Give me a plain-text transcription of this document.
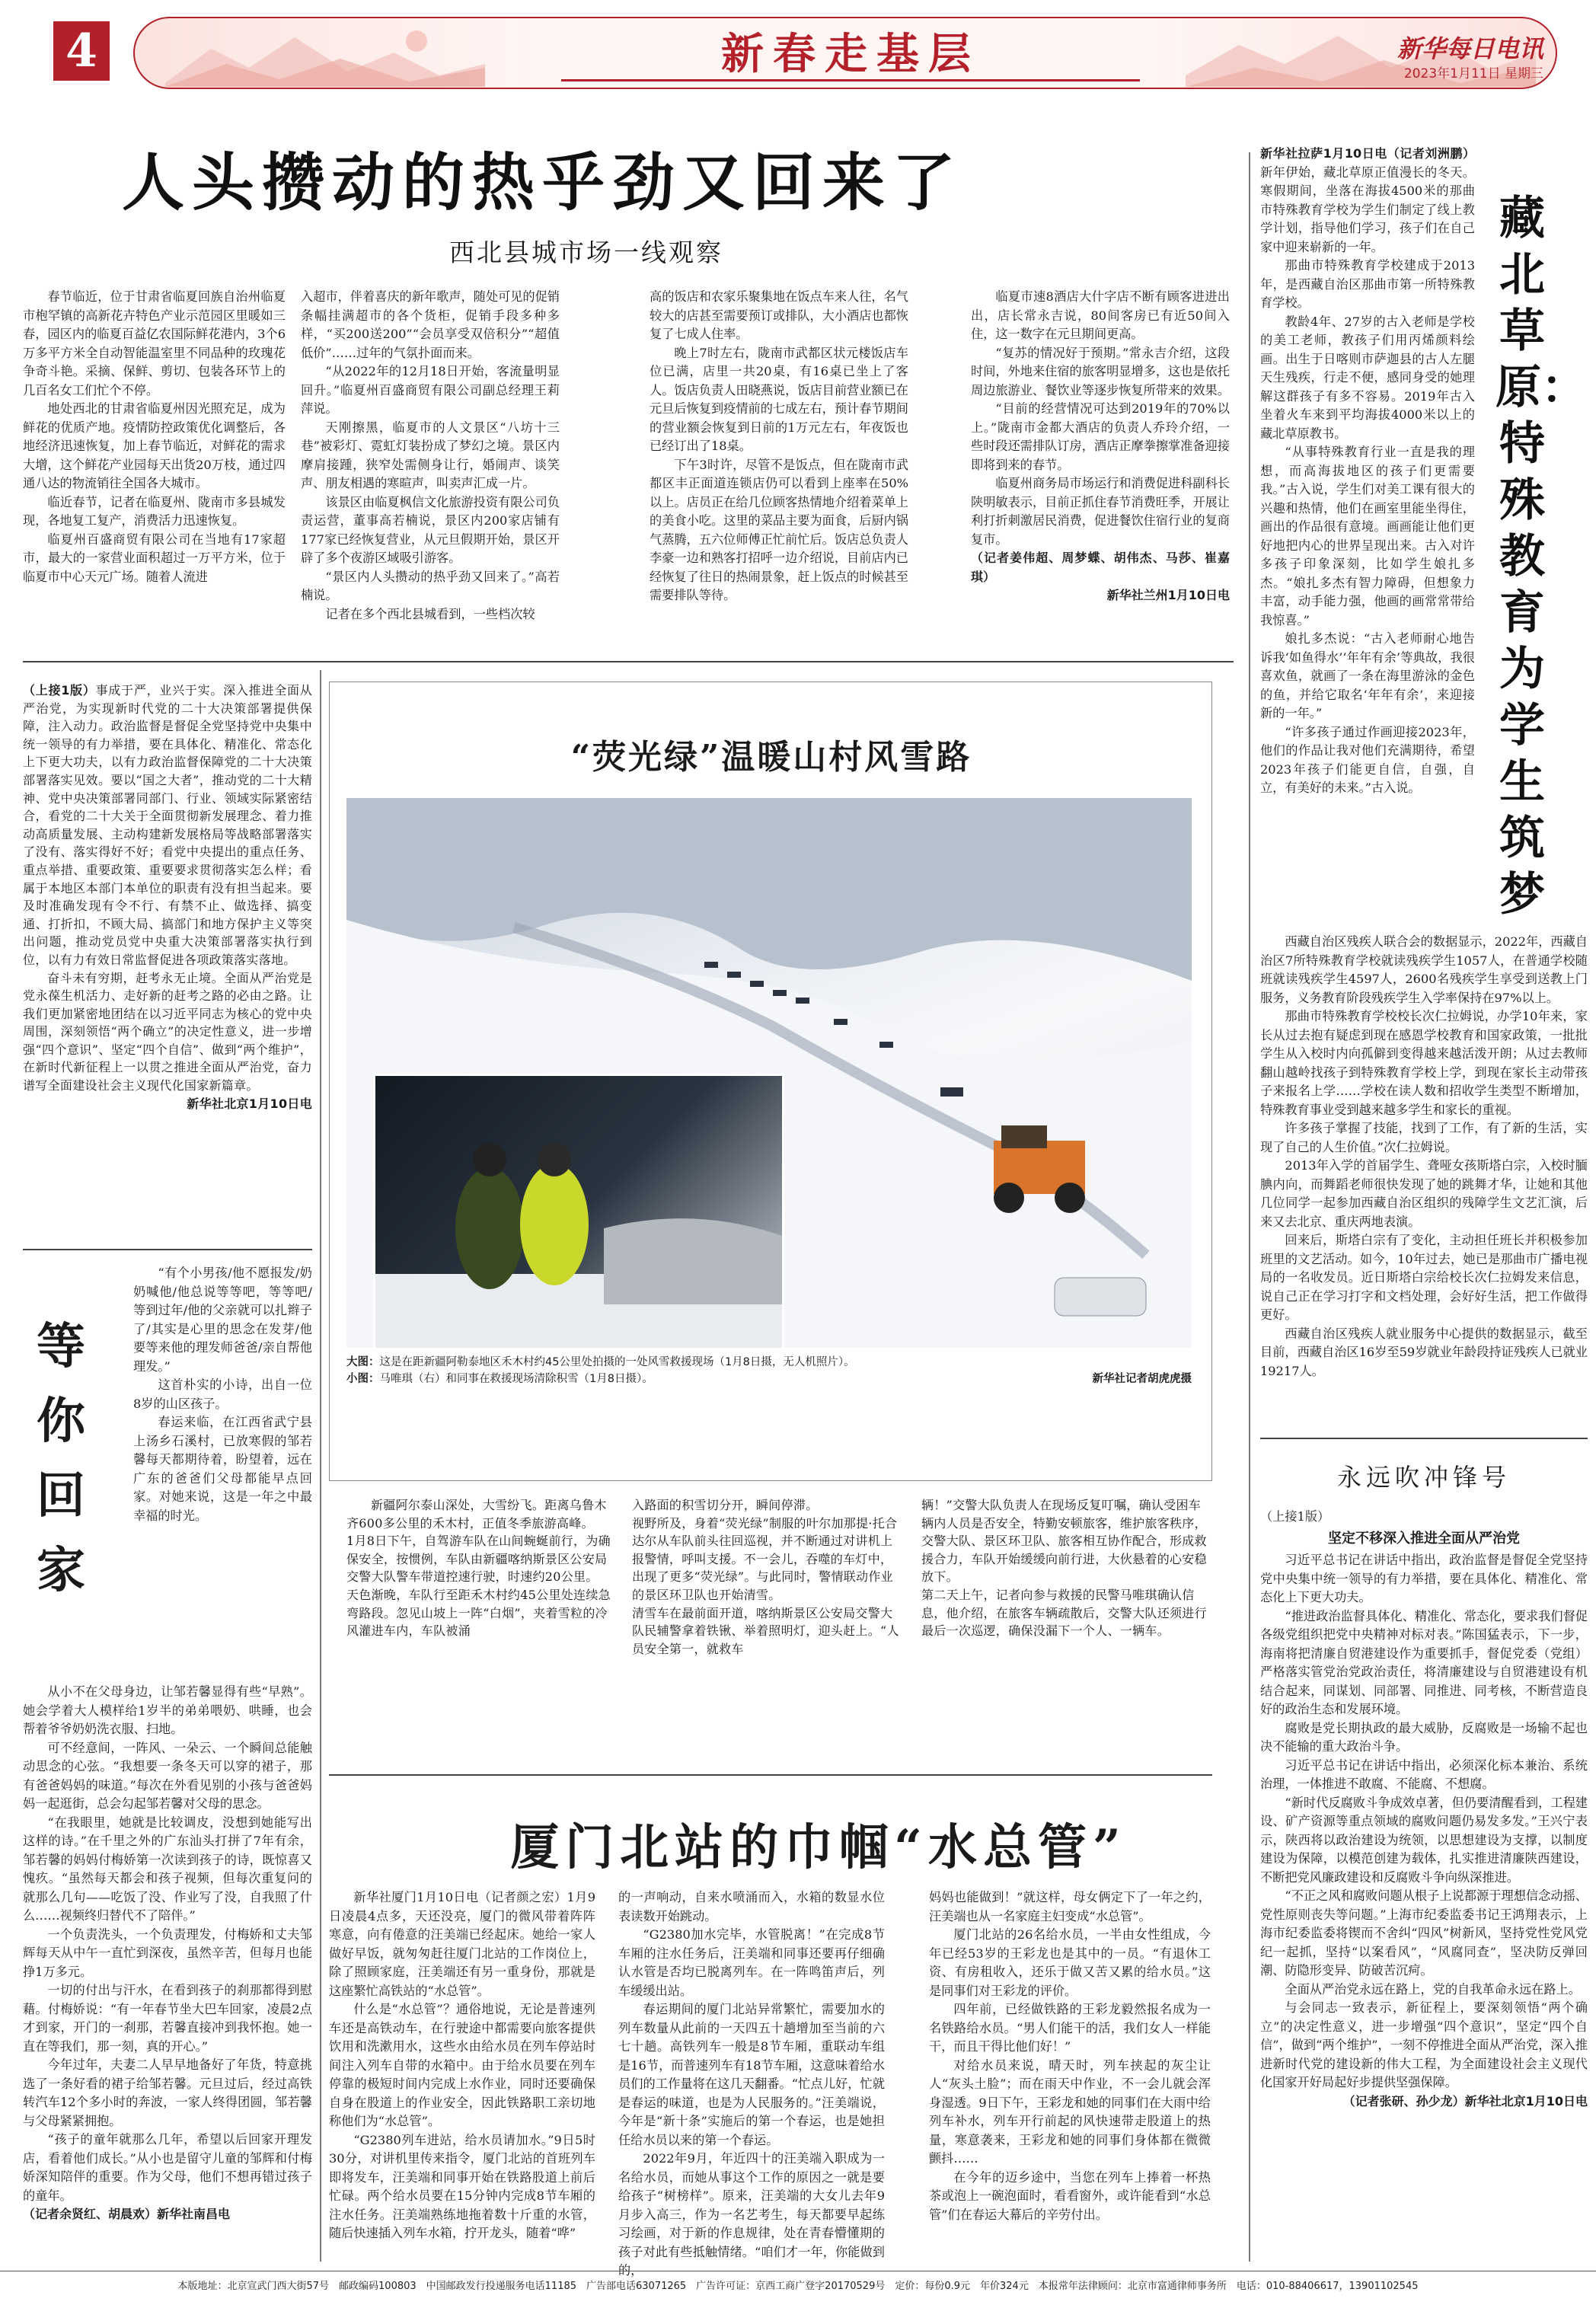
4	新春走基层	新华每日电讯
2023年1月11日 星期三
人头攒动的热乎劲又回来了
西北县城市场一线观察

春节临近，位于甘肃省临夏回族自治州临夏市枹罕镇的高新花卉特色产业示范园区里暖如三春，园区内的临夏百益亿农国际鲜花港内，3个6万多平方米全自动智能温室里不同品种的玫瑰花争奇斗艳。采摘、保鲜、剪切、包装各环节上的几百名女工们忙个不停。

地处西北的甘肃省临夏州因光照充足，成为鲜花的优质产地。疫情防控政策优化调整后，各地经济迅速恢复，加上春节临近，对鲜花的需求大增，这个鲜花产业园每天出货20万枝，通过四通八达的物流销往全国各大城市。

临近春节，记者在临夏州、陇南市多县城发现，各地复工复产，消费活力迅速恢复。

临夏州百盛商贸有限公司在当地有17家超市，最大的一家营业面积超过一万平方米，位于临夏市中心天元广场。随着人流进

入超市，伴着喜庆的新年歌声，随处可见的促销条幅挂满超市的各个货柜，促销手段多种多样，“买200送200”“会员享受双倍积分”“超值低价”……过年的气氛扑面而来。

“从2022年的12月18日开始，客流量明显回升。”临夏州百盛商贸有限公司副总经理王莉萍说。

天刚擦黑，临夏市的人文景区“八坊十三巷”被彩灯、霓虹灯装扮成了梦幻之境。景区内摩肩接踵，狭窄处需侧身让行，婚闹声、谈笑声、朋友相遇的寒暄声，叫卖声汇成一片。

该景区由临夏枫信文化旅游投资有限公司负责运营，董事高若楠说，景区内200家店铺有177家已经恢复营业，从元旦假期开始，景区开辟了多个夜游区域吸引游客。

“景区内人头攒动的热乎劲又回来了。”高若楠说。

记者在多个西北县城看到，一些档次较

高的饭店和农家乐聚集地在饭点车来人往，名气较大的店甚至需要预订或排队，大小酒店也都恢复了七成人住率。

晚上7时左右，陇南市武都区状元楼饭店车位已满，店里一共20桌，有16桌已坐上了客人。饭店负责人田晓燕说，饭店目前营业额已在元旦后恢复到疫情前的七成左右，预计春节期间的营业额会恢复到日前的1万元左右，年夜饭也已经订出了18桌。

下午3时许，尽管不是饭点，但在陇南市武都区丰正面道连锁店仍可以看到上座率在50%以上。店员正在给几位顾客热情地介绍着菜单上的美食小吃。这里的菜品主要为面食，后厨内锅气蒸腾，五六位师傅正忙前忙后。饭店总负责人李豪一边和熟客打招呼一边介绍说，目前店内已经恢复了往日的热闹景象，赶上饭点的时候甚至需要排队等待。

临夏市速8酒店大什字店不断有顾客进进出出，店长常永吉说，80间客房已有近50间入住，这一数字在元旦期间更高。

“复苏的情况好于预期。”常永吉介绍，这段时间，外地来住宿的旅客明显增多，这也是依托周边旅游业、餐饮业等逐步恢复所带来的效果。

“目前的经营情况可达到2019年的70%以上。”陇南市金都大酒店的负责人乔玲介绍，一些时段还需排队订房，酒店正摩拳擦掌准备迎接即将到来的春节。

临夏州商务局市场运行和消费促进科副科长陕明敏表示，目前正抓住春节消费旺季，开展让利打折刺激居民消费，促进餐饮住宿行业的复商复市。

（记者姜伟超、周梦蝶、胡伟杰、马莎、崔嘉琪）

新华社兰州1月10日电

新华社拉萨1月10日电（记者刘洲鹏）新年伊始，藏北草原正值漫长的冬天。寒假期间，坐落在海拔4500米的那曲市特殊教育学校为学生们制定了线上教学计划，指导他们学习，孩子们在自己家中迎来崭新的一年。

那曲市特殊教育学校建成于2013年，是西藏自治区那曲市第一所特殊教育学校。

教龄4年、27岁的古入老师是学校的美工老师，教孩子们用丙烯颜料绘画。出生于日喀则市萨迦县的古人左腿天生残疾，行走不便，感同身受的她理解这群孩子有多不容易。2019年古入坐着火车来到平均海拔4000米以上的藏北草原教书。

“从事特殊教育行业一直是我的理想，而高海拔地区的孩子们更需要我。”古入说，学生们对美工课有很大的兴趣和热情，他们在画室里能坐得住，画出的作品很有意境。画画能让他们更好地把内心的世界呈现出来。古入对许多孩子印象深刻，比如学生娘扎多杰。“娘扎多杰有智力障碍，但想象力丰富，动手能力强，他画的画常常带给我惊喜。”

娘扎多杰说：“古入老师耐心地告诉我‘如鱼得水’‘年年有余’等典故，我很喜欢鱼，就画了一条在海里游泳的金色的鱼，并给它取名‘年年有余’，来迎接新的一年。”

“许多孩子通过作画迎接2023年，他们的作品让我对他们充满期待，希望2023年孩子们能更自信，自强，自立，有美好的未来。”古入说。

藏北草原：特殊教育为学生筑梦

西藏自治区残疾人联合会的数据显示，2022年，西藏自治区7所特殊教育学校就读残疾学生1057人，在普通学校随班就读残疾学生4597人，2600名残疾学生享受到送教上门服务，义务教育阶段残疾学生入学率保持在97%以上。

那曲市特殊教育学校校长次仁拉姆说，办学10年来，家长从过去抱有疑虑到现在感恩学校教育和国家政策，一批批学生从入校时内向孤僻到变得越来越活泼开朗；从过去教师翻山越岭找孩子到特殊教育学校上学，到现在家长主动带孩子来报名上学……学校在读人数和招收学生类型不断增加，特殊教育事业受到越来越多学生和家长的重视。

许多孩子掌握了技能，找到了工作，有了新的生活，实现了自己的人生价值。”次仁拉姆说。

2013年入学的首届学生、聋哑女孩斯塔白宗，入校时腼腆内向，而舞蹈老师很快发现了她的跳舞才华，让她和其他几位同学一起参加西藏自治区组织的残障学生文艺汇演，后来又去北京、重庆两地表演。

回来后，斯塔白宗有了变化，主动担任班长并积极参加班里的文艺活动。如今，10年过去，她已是那曲市广播电视局的一名收发员。近日斯塔白宗给校长次仁拉姆发来信息，说自己正在学习打字和文档处理，会好好生活，把工作做得更好。

西藏自治区残疾人就业服务中心提供的数据显示，截至目前，西藏自治区16岁至59岁就业年龄段持证残疾人已就业19217人。

永远吹冲锋号

（上接1版）

坚定不移深入推进全面从严治党

习近平总书记在讲话中指出，政治监督是督促全党坚持党中央集中统一领导的有力举措，要在具体化、精准化、常态化上下更大功夫。

“推进政治监督具体化、精准化、常态化，要求我们督促各级党组织把党中央精神对标对表。”陈国猛表示，下一步，海南将把清廉自贸港建设作为重要抓手，督促党委（党组）严格落实管党治党政治责任，将清廉建设与自贸港建设有机结合起来，同谋划、同部署、同推进、同考核，不断营造良好的政治生态和发展环境。

腐败是党长期执政的最大威胁，反腐败是一场输不起也决不能输的重大政治斗争。

习近平总书记在讲话中指出，必须深化标本兼治、系统治理，一体推进不敢腐、不能腐、不想腐。

“新时代反腐败斗争成效卓著，但仍要清醒看到，工程建设、矿产资源等重点领域的腐败问题仍易发多发。”王兴宁表示，陕西将以政治建设为统领，以思想建设为支撑，以制度建设为保障，以模范创建为载体，扎实推进清廉陕西建设，不断把党风廉政建设和反腐败斗争向纵深推进。

“不正之风和腐败问题从根子上说都源于理想信念动摇、党性原则丧失等问题。”上海市纪委监委书记王鸿翔表示，上海市纪委监委将锲而不舍纠“四风”树新风，坚持党性党风党纪一起抓，坚持“以案看风”，“风腐同查”，坚决防反弹回潮、防隐形变异、防破苦沉疴。

全面从严治党永远在路上，党的自我革命永远在路上。

与会同志一致表示，新征程上，要深刻领悟“两个确立”的决定性意义，进一步增强“四个意识”，坚定“四个自信”，做到“两个维护”，一刻不停推进全面从严治党，深入推进新时代党的建设新的伟大工程，为全面建设社会主义现代化国家开好局起好步提供坚强保障。

（记者张研、孙少龙）新华社北京1月10日电

（上接1版）事成于严，业兴于实。深入推进全面从严治党，为实现新时代党的二十大决策部署提供保障，注入动力。政治监督是督促全党坚持党中央集中统一领导的有力举措，要在具体化、精准化、常态化上下更大功夫，以有力政治监督保障党的二十大决策部署落实见效。要以“国之大者”，推动党的二十大精神、党中央决策部署同部门、行业、领域实际紧密结合，看党的二十大关于全面贯彻新发展理念、着力推动高质量发展、主动构建新发展格局等战略部署落实了没有、落实得好不好；看党中央提出的重点任务、重点举措、重要政策、重要要求贯彻落实怎么样；看属于本地区本部门本单位的职责有没有担当起来。要及时准确发现有令不行、有禁不止、做选择、搞变通、打折扣，不顾大局、搞部门和地方保护主义等突出问题，推动党员党中央重大决策部署落实执行到位，以有力有效日常监督促进各项政策落实落地。

奋斗未有穷期，赶考永无止境。全面从严治党是党永葆生机活力、走好新的赶考之路的必由之路。让我们更加紧密地团结在以习近平同志为核心的党中央周围，深刻领悟“两个确立”的决定性意义，进一步增强“四个意识”、坚定“四个自信”、做到“两个维护”，在新时代新征程上一以贯之推进全面从严治党，奋力谱写全面建设社会主义现代化国家新篇章。

新华社北京1月10日电

等你回家

“有个小男孩/他不愿报发/奶奶喊他/他总说等等吧，等等吧/等到过年/他的父亲就可以扎辫子了/其实是心里的思念在发芽/他要等来他的理发师爸爸/亲自帮他理发。”

这首朴实的小诗，出自一位8岁的山区孩子。

春运来临，在江西省武宁县上汤乡石溪村，已放寒假的邹若馨每天都期待着，盼望着，远在广东的爸爸们父母都能早点回家。对她来说，这是一年之中最幸福的时光。

从小不在父母身边，让邹若馨显得有些“早熟”。她会学着大人模样给1岁半的弟弟喂奶、哄睡，也会帮着爷爷奶奶洗衣服、扫地。

可不经意间，一阵风、一朵云、一个瞬间总能触动思念的心弦。“我想要一条冬天可以穿的裙子，那有爸爸妈妈的味道。”每次在外看见别的小孩与爸爸妈妈一起逛街，总会勾起邹若馨对父母的思念。

“在我眼里，她就是比较调皮，没想到她能写出这样的诗。”在千里之外的广东汕头打拼了7年有余，邹若馨的妈妈付梅娇第一次读到孩子的诗，既惊喜又愧疚。“虽然每天都会和孩子视频，但每次重复问的就那么几句——吃饭了没、作业写了没，自我照了什么……视频终归替代不了陪伴。”

一个负责洗头，一个负责理发，付梅娇和丈夫邹辉每天从中午一直忙到深夜，虽然辛苦，但每月也能挣1万多元。

一切的付出与汗水，在看到孩子的刹那都得到慰藉。付梅娇说：“有一年春节坐大巴车回家，凌晨2点才到家，开门的一刹那，若馨直接冲到我怀抱。她一直在等我们，那一刻，真的开心。”

今年过年，夫妻二人早早地备好了年货，特意挑选了一条好看的裙子给邹若馨。元旦过后，经过高铁转汽车12个多小时的奔波，一家人终得团圆，邹若馨与父母紧紧拥抱。

“孩子的童年就那么几年，希望以后回家开理发店，看着他们成长。”从小也是留守儿童的邹辉和付梅娇深知陪伴的重要。作为父母，他们不想再错过孩子的童年。

（记者余贤红、胡晨欢）新华社南昌电

“荧光绿”温暖山村风雪路
大图：这是在距新疆阿勒泰地区禾木村约45公里处拍摄的一处风雪救援现场（1月8日摄，无人机照片）。
小图：马唯琪（右）和同事在救援现场清除积雪（1月8日摄）。	新华社记者胡虎虎摄
新疆阿尔泰山深处，大雪纷飞。距离乌鲁木齐600多公里的禾木村，正值冬季旅游高峰。
1月8日下午，自驾游车队在山间蜿蜒前行，为确保安全，按惯例，车队由新疆喀纳斯景区公安局交警大队警车带道控速行驶，时速约20公里。
天色渐晚，车队行至距禾木村约45公里处连续急弯路段。忽见山坡上一阵“白烟”，夹着雪粒的冷风灌进车内，车队被涌
入路面的积雪切分开，瞬间停滞。
视野所及，身着“荧光绿”制服的叶尔加那提·托合达尔从车队前头往回巡视，并不断通过对讲机上报警情，呼叫支援。不一会儿，吞噬的车灯中，出现了更多“荧光绿”。与此同时，警情联动作业的景区环卫队也开始清雪。
清雪车在最前面开道，喀纳斯景区公安局交警大队民辅警拿着铁锹、举着照明灯，迎头赶上。“人员安全第一，就救车
辆！”交警大队负责人在现场反复叮嘱，确认受困车辆内人员是否安全，特勤安顿旅客，维护旅客秩序，交警大队、景区环卫队、旅客相互协作配合，形成救援合力，车队开始缓缓向前行进，大伙悬着的心安稳放下。
第二天上午，记者向参与救援的民警马唯琪确认信息，他介绍，在旅客车辆疏散后，交警大队还须进行最后一次巡逻，确保没漏下一个人、一辆车。
厦门北站的巾帼“水总管”

新华社厦门1月10日电（记者颜之宏）1月9日凌晨4点多，天还没亮，厦门的微风带着阵阵寒意，向有倦意的汪美端已经起床。她给一家人做好早饭，就匆匆赶往厦门北站的工作岗位上，除了照顾家庭，汪美端还有另一重身份，那就是这座繁忙高铁站的“水总管”。

什么是“水总管”？通俗地说，无论是普速列车还是高铁动车，在行驶途中都需要向旅客提供饮用和洗漱用水，这些水由给水员在列车停站时间注入列车自带的水箱中。由于给水员要在列车停靠的极短时间内完成上水作业，同时还要确保自身在股道上的作业安全，因此铁路职工亲切地称他们为“水总管”。

“G2380列车进站，给水员请加水。”9日5时30分，对讲机里传来指令，厦门北站的首班列车即将发车，汪美端和同事开始在铁路股道上前后忙碌。两个给水员要在15分钟内完成8节车厢的注水任务。汪美端熟练地拖着数十斤重的水管，随后快速插入列车水箱，拧开龙头，随着“哗”

的一声响动，自来水喷涌而入，水箱的数显水位表读数开始跳动。

“G2380加水完毕，水管脱离！”在完成8节车厢的注水任务后，汪美端和同事还要再仔细确认水管是否均已脱离列车。在一阵鸣笛声后，列车缓缓出站。

春运期间的厦门北站异常繁忙，需要加水的列车数量从此前的一天四五十趟增加至当前的六七十趟。高铁列车一般是8节车厢，重联动车组是16节，而普速列车有18节车厢，这意味着给水员们的工作量将在这几天翻番。“忙点儿好，忙就是春运的味道，也是为人民服务的。”汪美端说，今年是“新十条”实施后的第一个春运，也是她担任给水员以来的第一个春运。

2022年9月，年近四十的汪美端入职成为一名给水员，而她从事这个工作的原因之一就是要给孩子“树榜样”。原来，汪美端的大女儿去年9月步入高三，作为一名艺考生，每天都要早起练习绘画，对于新的作息规律，处在青春懵懂期的孩子对此有些抵触情绪。“咱们才一年，你能做到的，

妈妈也能做到！”就这样，母女俩定下了一年之约，汪美端也从一名家庭主妇变成“水总管”。

厦门北站的26名给水员，一半由女性组成，今年已经53岁的王彩龙也是其中的一员。“有退休工资、有房租收入，还乐于做又苦又累的给水员。”这是同事们对王彩龙的评价。

四年前，已经做铁路的王彩龙毅然报名成为一名铁路给水员。“男人们能干的活，我们女人一样能干，而且干得比他们好！”

对给水员来说，晴天时，列车挟起的灰尘让人“灰头土脸”；而在雨天中作业，不一会儿就会浑身湿透。9日下午，王彩龙和她的同事们在大雨中给列车补水，列车开行前起的风快速带走股道上的热量，寒意袭来，王彩龙和她的同事们身体都在微微颤抖……

在今年的迈乡途中，当您在列车上捧着一杯热茶或泡上一碗泡面时，看看窗外，或许能看到“水总管”们在春运大幕后的辛劳付出。

本版地址：北京宣武门西大街57号　邮政编码100803　中国邮政发行投递服务电话11185　广告部电话63071265　广告许可证：京西工商广登字20170529号　定价：每份0.9元　年价324元　本报常年法律顾问：北京市富通律师事务所　电话：010-88406617，13901102545
